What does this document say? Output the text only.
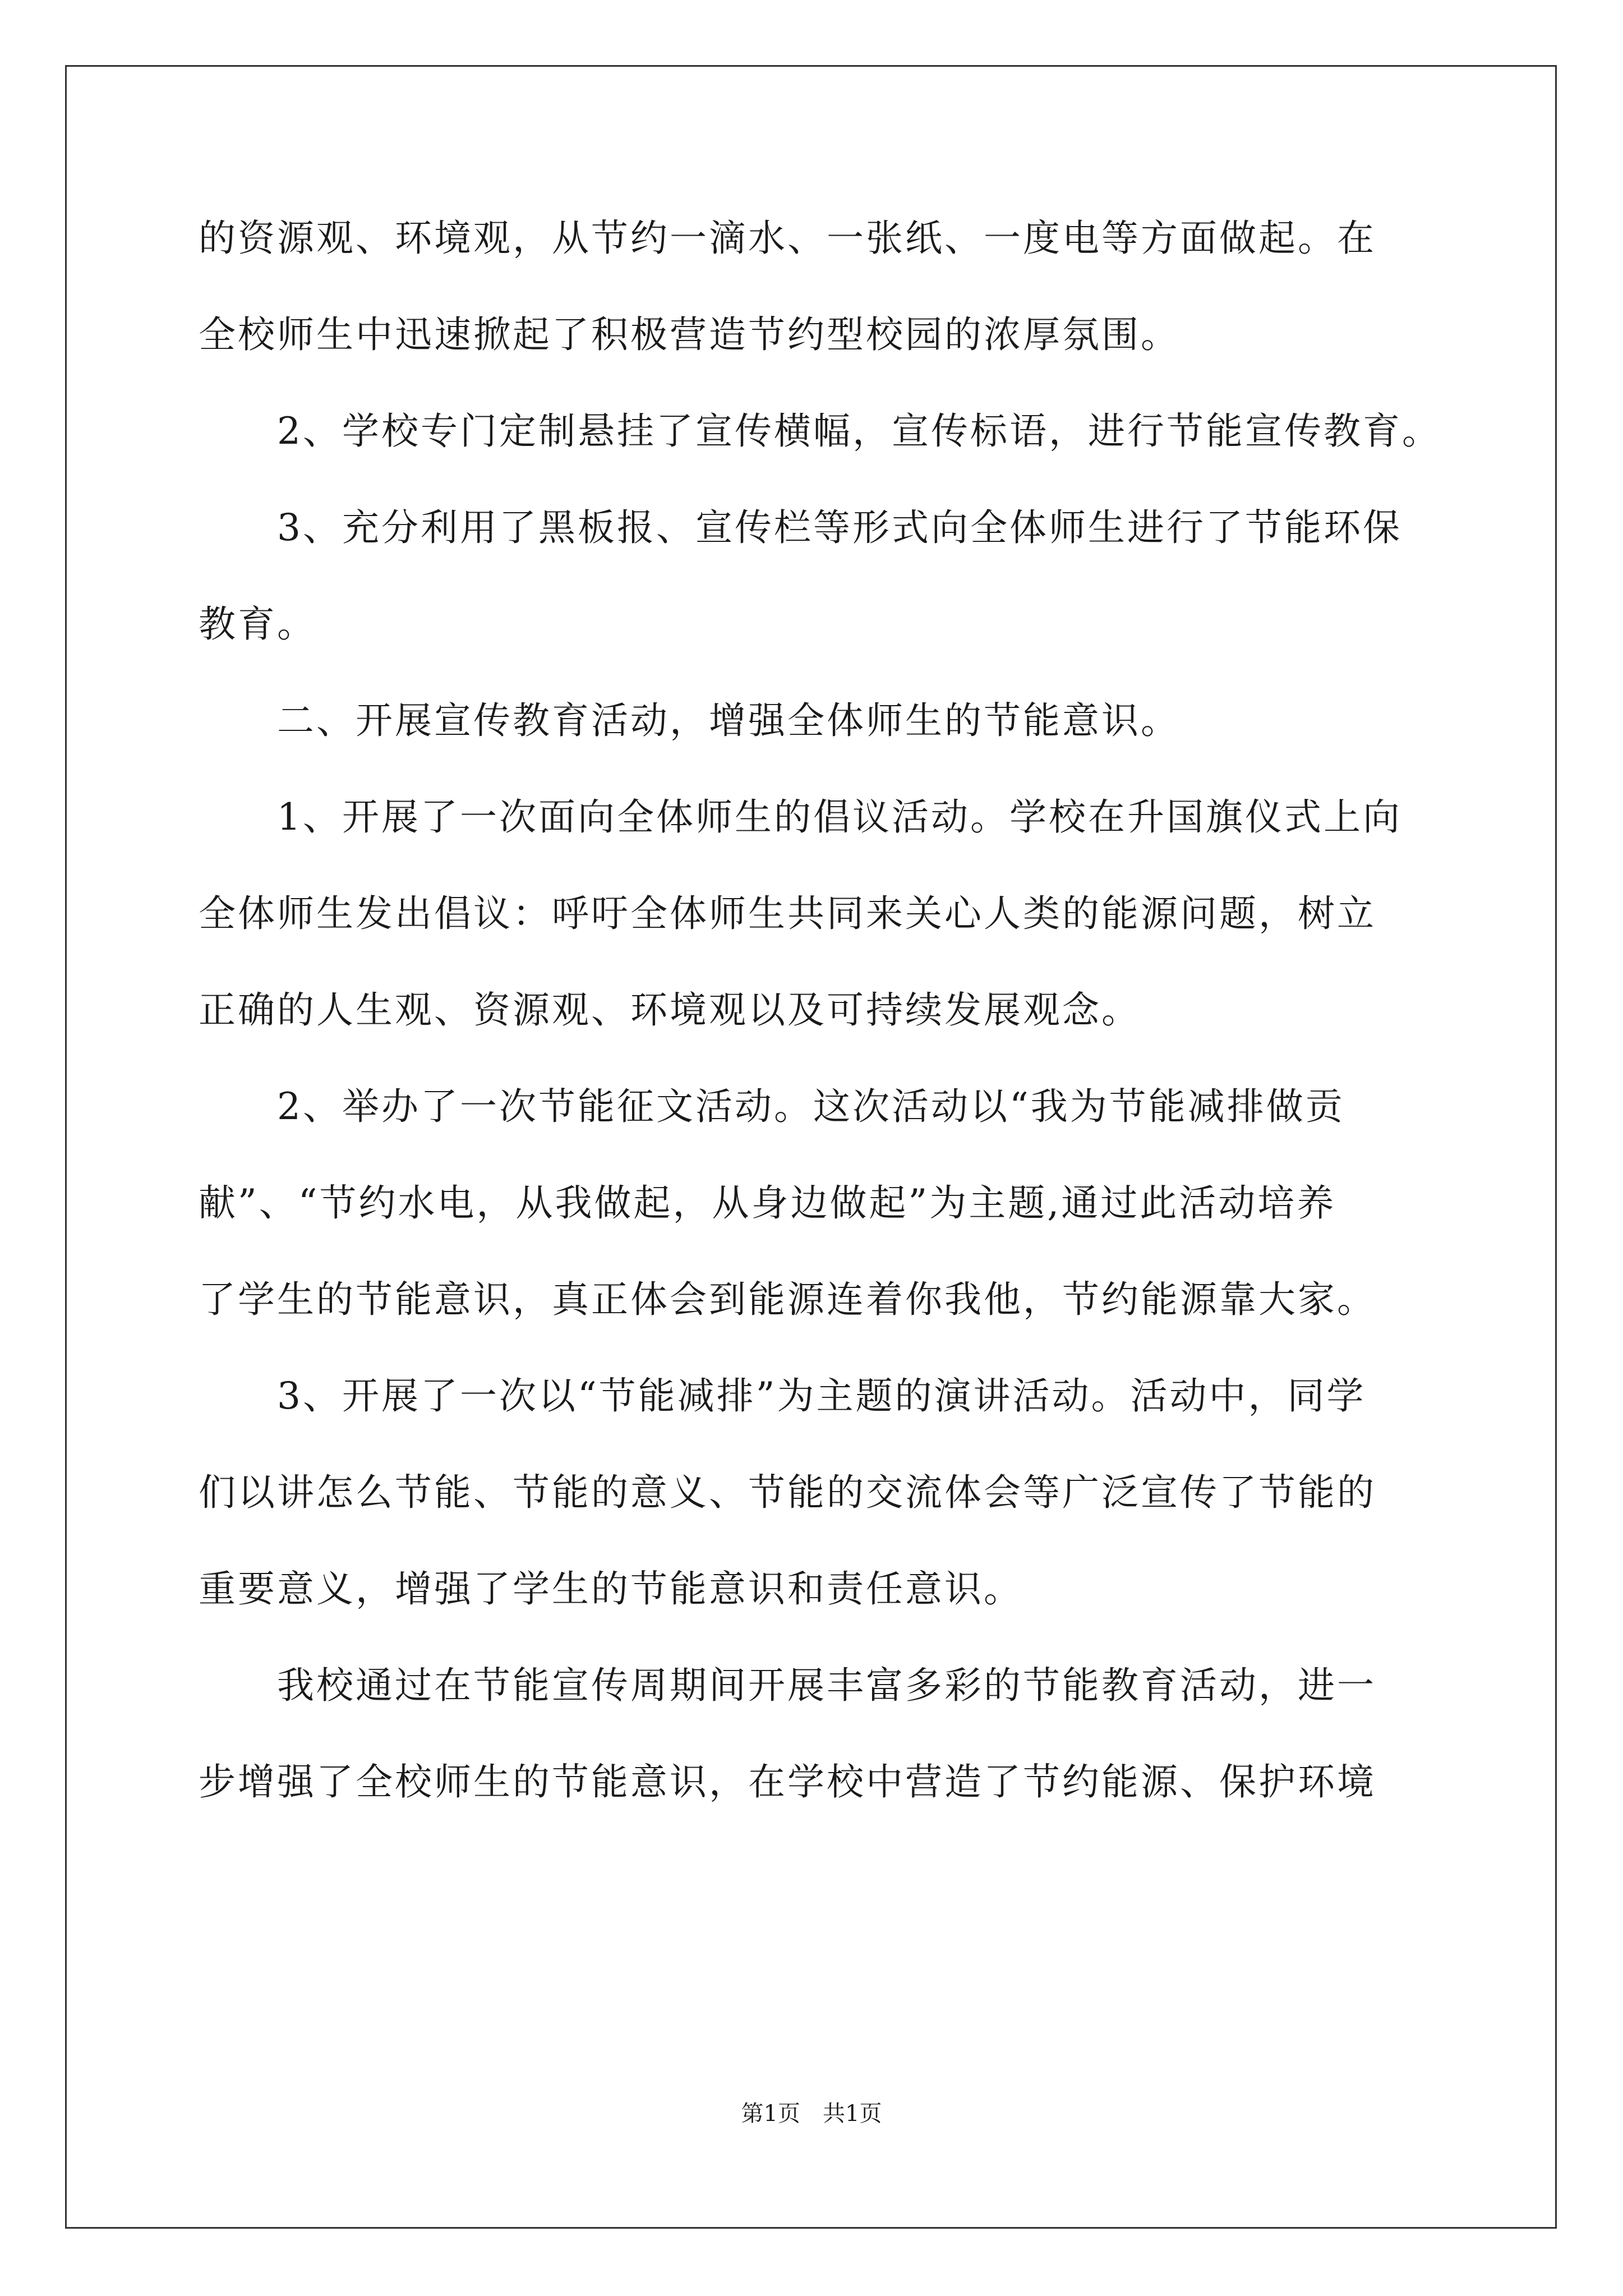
的资源观、环境观，从节约一滴水、一张纸、一度电等方面做起。在
全校师生中迅速掀起了积极营造节约型校园的浓厚氛围。
2、学校专门定制悬挂了宣传横幅，宣传标语，进行节能宣传教育。
3、充分利用了黑板报、宣传栏等形式向全体师生进行了节能环保
教育。
二、开展宣传教育活动，增强全体师生的节能意识。
1、开展了一次面向全体师生的倡议活动。学校在升国旗仪式上向
全体师生发出倡议：呼吁全体师生共同来关心人类的能源问题，树立
正确的人生观、资源观、环境观以及可持续发展观念。
2、举办了一次节能征文活动。这次活动以“我为节能减排做贡
献”、“节约水电，从我做起，从身边做起”为主题,通过此活动培养
了学生的节能意识，真正体会到能源连着你我他，节约能源靠大家。
3、开展了一次以“节能减排”为主题的演讲活动。活动中，同学
们以讲怎么节能、节能的意义、节能的交流体会等广泛宣传了节能的
重要意义，增强了学生的节能意识和责任意识。
我校通过在节能宣传周期间开展丰富多彩的节能教育活动，进一
步增强了全校师生的节能意识，在学校中营造了节约能源、保护环境
第1页　共1页
